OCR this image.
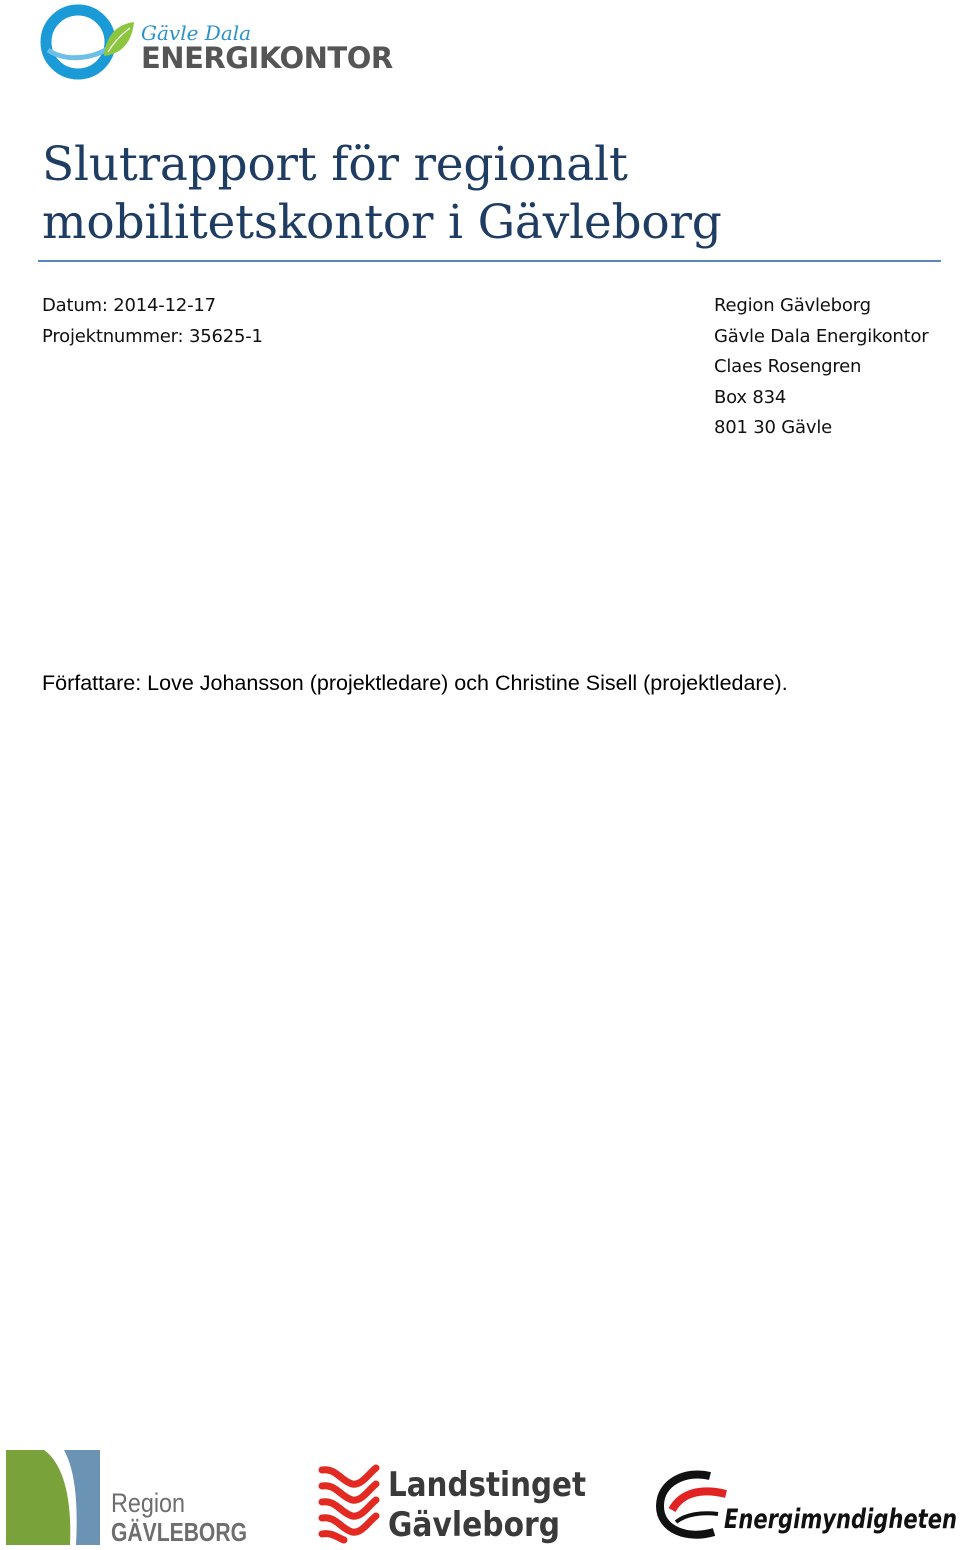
Gävle Dala
ENERGIKONTOR
Slutrapport för regionalt
mobilitetskontor i Gävleborg
Datum: 2014-12-17
Projektnummer: 35625-1
Region Gävleborg
Gävle Dala Energikontor
Claes Rosengren
Box 834
801 30 Gävle
Författare: Love Johansson (projektledare) och Christine Sisell (projektledare).
Region
GÄVLEBORG
Landstinget
Gävleborg	Energimyndigheten
